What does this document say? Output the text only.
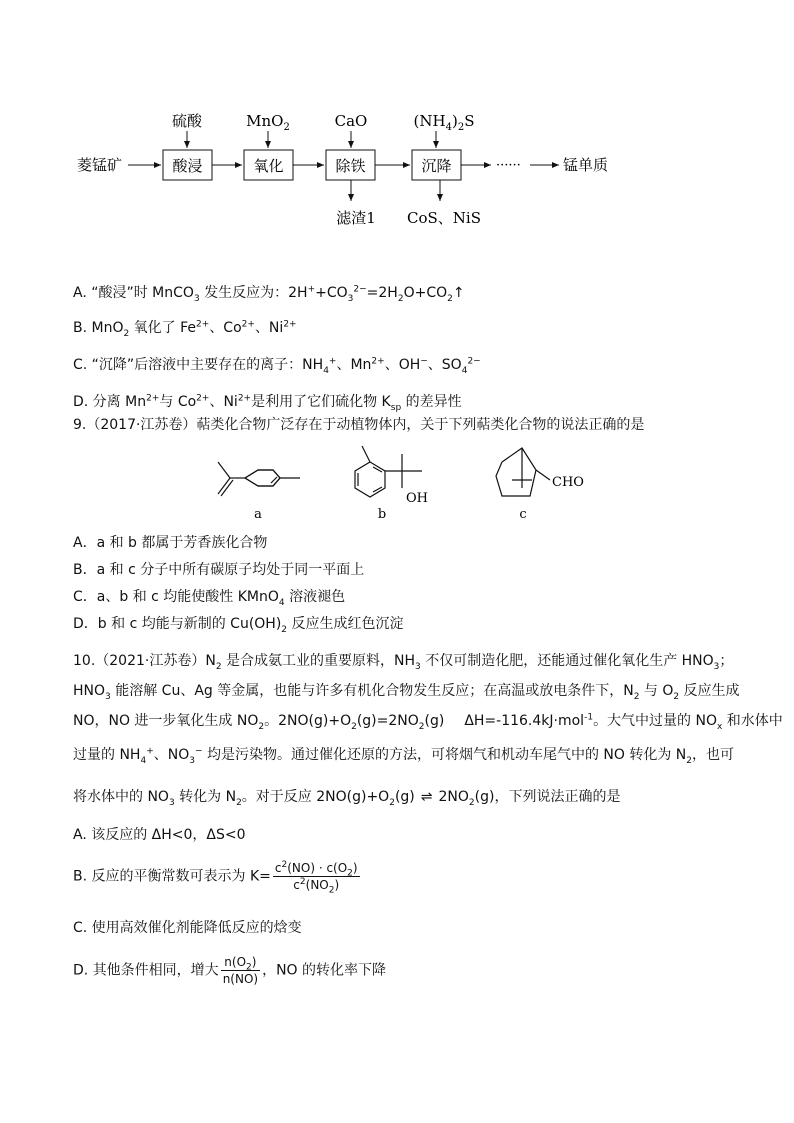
硫酸	MnO$_2$	CaO	$(NH_4)_2S$
菱锰矿	酸浸	氧化	除铁	沉降	······	锰单质
滤渣1 CoS、NiS
A. “酸浸”时 MnCO$_3$ 发生反应为：$2H^++CO_3^{2-}=2H_2O+CO_2↑$
B. MnO$_2$ 氧化了 $Fe^{2+}$、$Co^{2+}$、$Ni^{2+}$
C. “沉降”后溶液中主要存在的离子：$NH_4^+$、$Mn^{2+}$、OH−、$SO_4^{2-}$
D. 分离 $Mn^{2+}$与 $Co^{2+}$、$Ni^{2+}$是利用了它们硫化物 $K_{sp}$ 的差异性
9.（2017·江苏卷）萜类化合物广泛存在于动植物体内，关于下列萜类化合物的说法正确的是
a
OH
b
CHO
c
A．a 和 b 都属于芳香族化合物
B．a 和 c 分子中所有碳原子均处于同一平面上
C．a、b 和 c 均能使酸性 KMnO$_4$ 溶液褪色
D．b 和 c 均能与新制的 $Cu(OH)_2$ 反应生成红色沉淀
10.（2021·江苏卷）$N_2$ 是合成氨工业的重要原料，$NH_3$ 不仅可制造化肥，还能通过催化氧化生产 $HNO_3$；
$HNO_3$ 能溶解 Cu、Ag 等金属，也能与许多有机化合物发生反应；在高温或放电条件下，$N_2$ 与 $O_2$ 反应生成
NO，NO 进一步氧化生成 $NO_2$。$2NO(g)+O_2(g)=2NO_2(g)$ ΔH=-116.4kJ·mol$^{-1}$。大气中过量的 $NO_x$ 和水体中
过量的 $NH_4^+$、$NO_3^-$ 均是污染物。通过催化还原的方法，可将烟气和机动车尾气中的 NO 转化为 $N_2$，也可
将水体中的 $NO_3$ 转化为 $N_2$。对于反应 $2NO(g)+O_2(g)$ ⇌ $2NO_2(g)$，下列说法正确的是
A. 该反应的 ΔH<0，ΔS<0
B. 反应的平衡常数可表示为 $K= \frac{c^2(NO) \cdot c(O_2)}{c^2(NO_2)}$
C. 使用高效催化剂能降低反应的焓变
D. 其他条件相同，增大 $\frac{n(O_2)}{n(NO)}$ ，NO 的转化率下降
